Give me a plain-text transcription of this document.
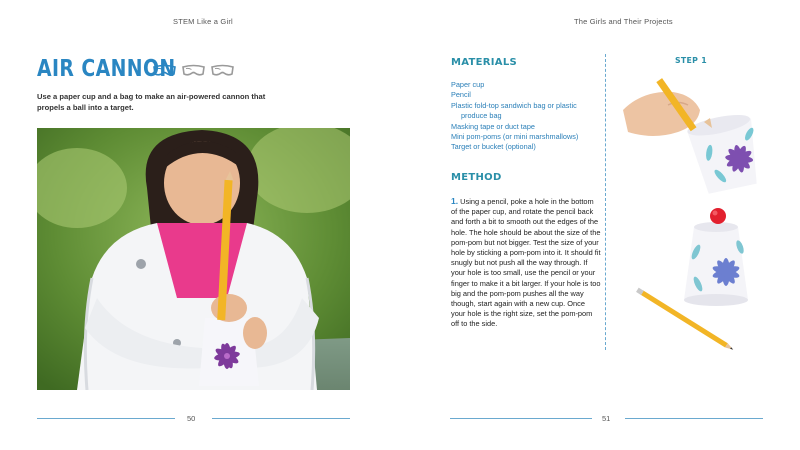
STEM Like a Girl	The Girls and Their Projects
AIR CANNON
Use a paper cup and a bag to make an air-powered cannon that propels a ball into a target.
50
MATERIALS
Paper cup
Pencil
Plastic fold-top sandwich bag or plastic
produce bag
Masking tape or duct tape
Mini pom-poms (or mini marshmallows)
Target or bucket (optional)
METHOD
1. Using a pencil, poke a hole in the bottom of the paper cup, and rotate the pencil back and forth a bit to smooth out the edges of the hole. The hole should be about the size of the pom-pom but not bigger. Test the size of your hole by sticking a pom-pom into it. It should fit snugly but not push all the way through. If your hole is too small, use the pencil or your finger to make it a bit larger. If your hole is too big and the pom-pom pushes all the way though, start again with a new cup. Once your hole is the right size, set the pom-pom off to the side.
STEP 1
51
